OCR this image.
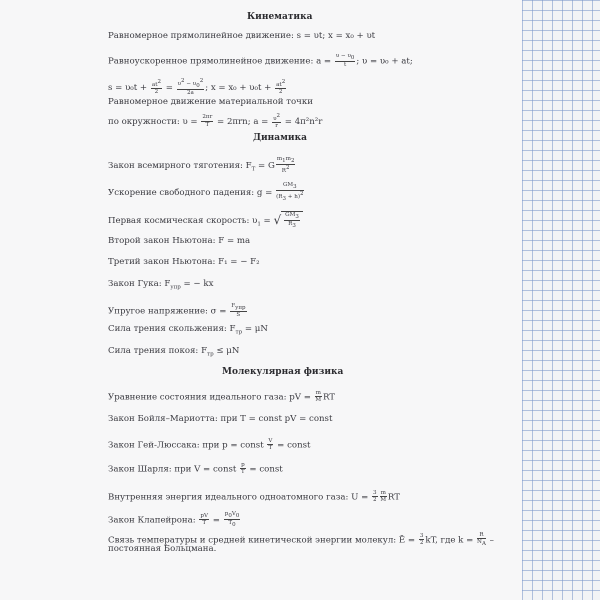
Кинематика
Равномерное прямолинейное движение: s = υt; x = x₀ + υt
Равноускоренное прямолинейное движение: $a = \frac{\upsilon - \upsilon_0}{t}$ ; υ = υ₀ + at;
$s = \upsilon_0t + \frac{at^2}{2} = \frac{\upsilon^2 - \upsilon_0^2}{2a}$ ; $x = x_0 + \upsilon_0t + \frac{at^2}{2}$
Равномерное движение материальной точки
по окружности: $\upsilon = \frac{2\pi r}{T} = 2\pi rn$; $a = \frac{\upsilon^2}{r} = 4\pi^2n^2r$
Динамика
Закон всемирного тяготения: $F_T = G \frac{m_1m_2}{R^2}$
Ускорение свободного падения: $g = \frac{GM_3}{(R_3 + h)^2}$
Первая космическая скорость: $\upsilon_1$ = √ $\frac{GM_3}{R_3}$
Второй закон Ньютона: F = ma
Третий закон Ньютона: F₁ = − F₂
Закон Гука: $F_{упр}$ = − kx
Упругое напряжение: σ =
$F_{упр}$
S
Сила трения скольжения: $F_{тр} = \mu N$
Сила трения покоя: $F_{тр} \le \mu N$
Молекулярная физика
Уравнение состояния идеального газа: pV = $\frac{m}{M}$ RT
Закон Бойля–Мариотта: при T = const pV = const
Закон Гей-Люссака: при p = const $\frac{V}{T}$ = const
Закон Шарля: при V = const $\frac{p}{T}$ = const
Внутренняя энергия идеального одноатомного газа: $U = \frac{3}{2} \frac{m}{M}$ RT
Закон Клапейрона: $\frac{pV}{T} = \frac{p_0V_0}{T_0}$
Связь температуры и средней кинетической энергии молекул: Ē = $\frac{3}{2}$ kT, где $k = \frac{R}{N_A}$ –
постоянная Больцмана.
